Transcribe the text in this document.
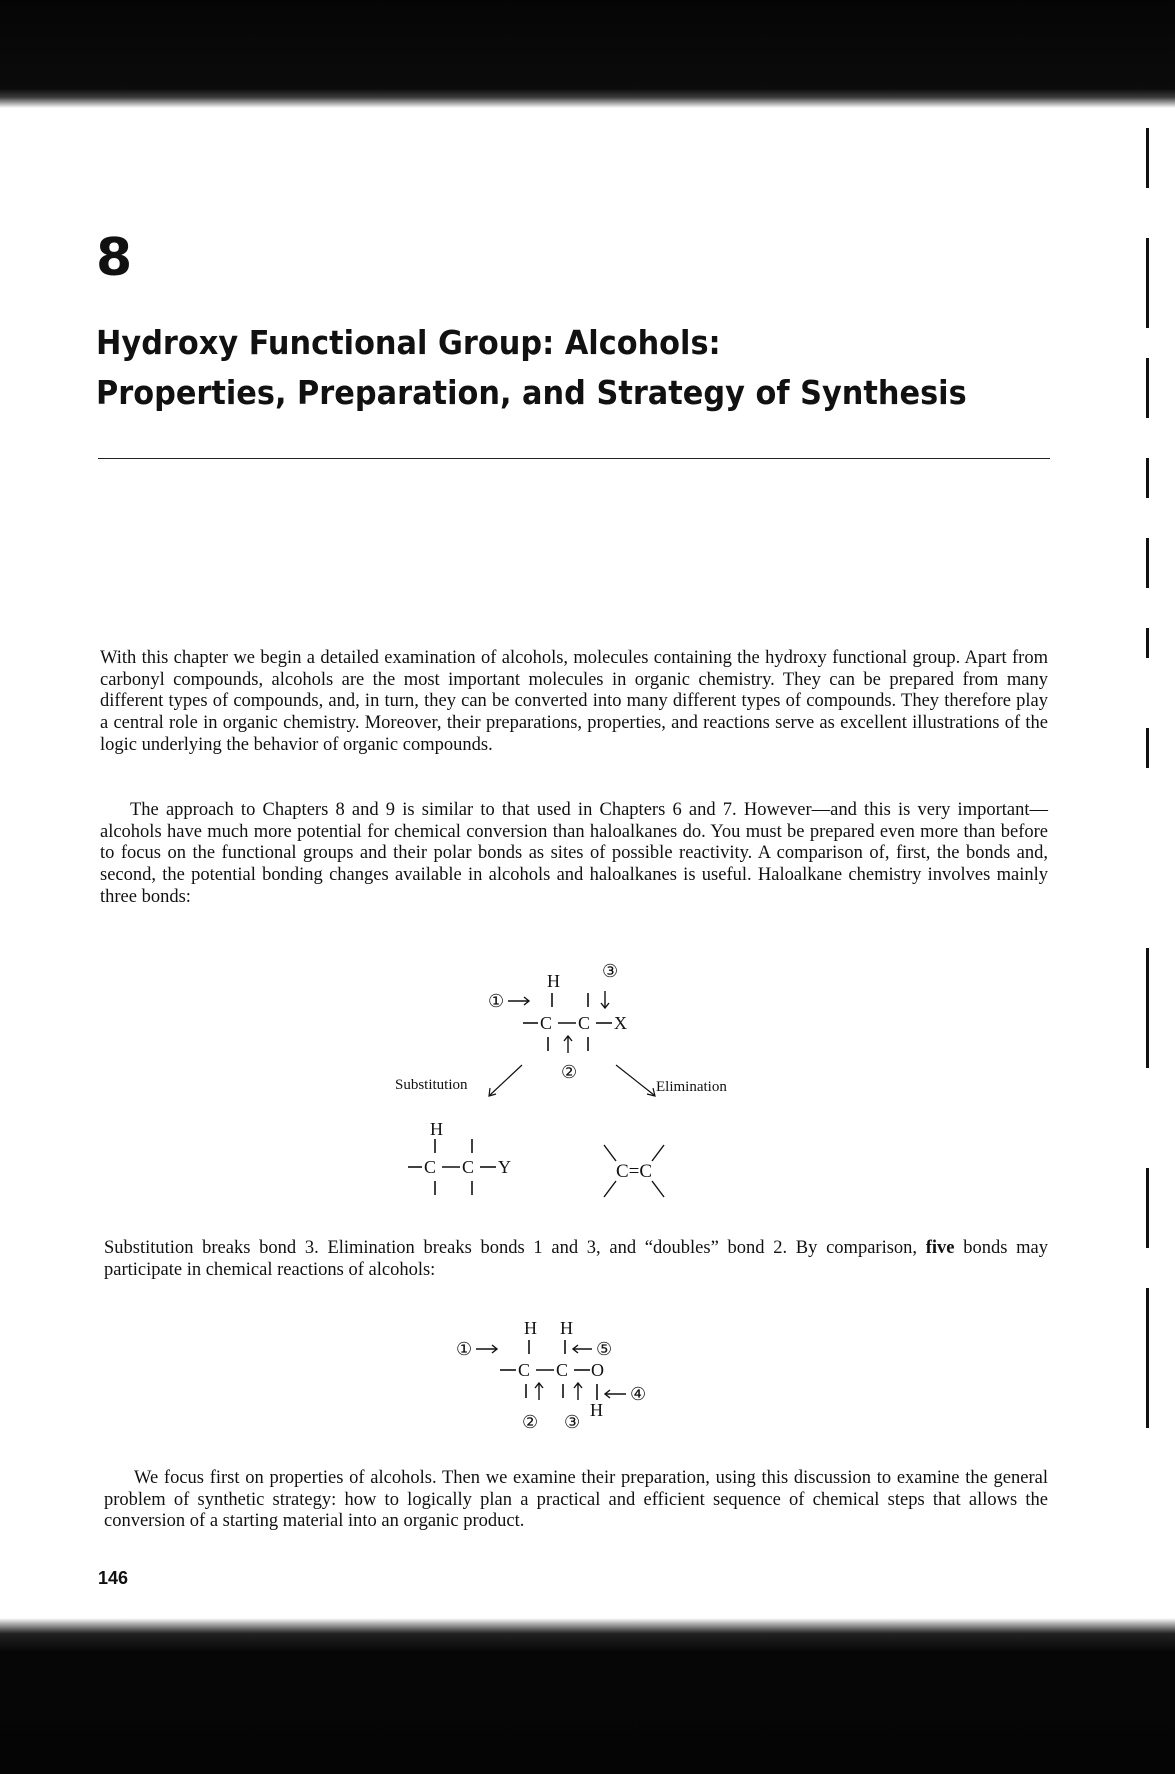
8
Hydroxy Functional Group: Alcohols:
Properties, Preparation, and Strategy of Synthesis

With this chapter we begin a detailed examination of alcohols, molecules containing the hydroxy functional group. Apart from carbonyl compounds, alcohols are the most important molecules in organic chemistry. They can be prepared from many different types of compounds, and, in turn, they can be converted into many different types of compounds. They therefore play a central role in organic chemistry. Moreover, their preparations, properties, and reactions serve as excellent illustrations of the logic underlying the behavior of organic compounds.

The approach to Chapters 8 and 9 is similar to that used in Chapters 6 and 7. However—and this is very important—alcohols have much more potential for chemical conversion than haloalkanes do. You must be prepared even more than before to focus on the functional groups and their polar bonds as sites of possible reactivity. A comparison of, first, the bonds and, second, the potential bonding changes available in alcohols and haloalkanes is useful. Haloalkane chemistry involves mainly three bonds:

H ③
①
C C X
②
Substitution	Elimination
H
C C Y	C=C

Substitution breaks bond 3. Elimination breaks bonds 1 and 3, and “doubles” bond 2. By comparison, five bonds may participate in chemical reactions of alcohols:

H H
①	⑤
C C O
④
H
② ③

We focus first on properties of alcohols. Then we examine their preparation, using this discussion to examine the general problem of synthetic strategy: how to logically plan a practical and efficient sequence of chemical steps that allows the conversion of a starting material into an organic product.

146
